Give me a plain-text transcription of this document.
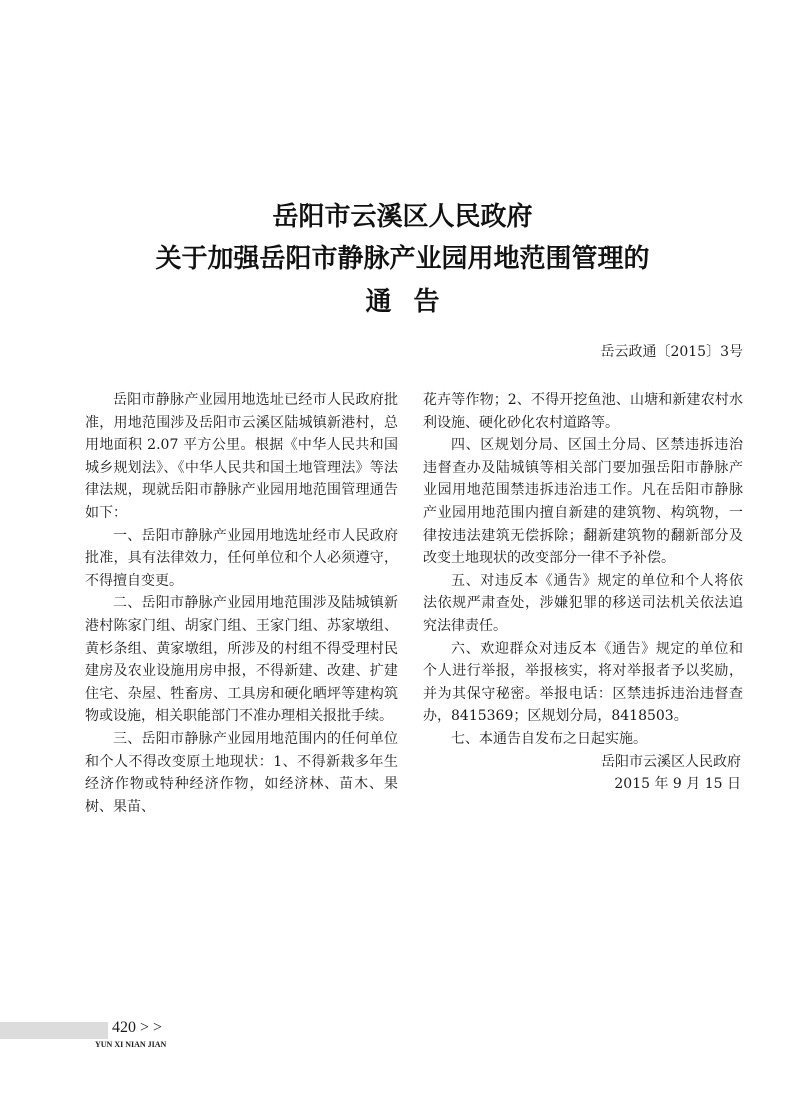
岳阳市云溪区人民政府
关于加强岳阳市静脉产业园用地范围管理的
通告
岳云政通〔2015〕3号

岳阳市静脉产业园用地选址已经市人民政府批准，用地范围涉及岳阳市云溪区陆城镇新港村，总用地面积 2.07 平方公里。根据《中华人民共和国城乡规划法》、《中华人民共和国土地管理法》等法律法规，现就岳阳市静脉产业园用地范围管理通告如下：

一、岳阳市静脉产业园用地选址经市人民政府批准，具有法律效力，任何单位和个人必须遵守，不得擅自变更。

二、岳阳市静脉产业园用地范围涉及陆城镇新港村陈家门组、胡家门组、王家门组、苏家墩组、黄杉条组、黄家墩组，所涉及的村组不得受理村民建房及农业设施用房申报，不得新建、改建、扩建住宅、杂屋、牲畜房、工具房和硬化晒坪等建构筑物或设施，相关职能部门不准办理相关报批手续。

三、岳阳市静脉产业园用地范围内的任何单位和个人不得改变原土地现状：1、不得新栽多年生经济作物或特种经济作物，如经济林、苗木、果树、果苗、

花卉等作物；2、不得开挖鱼池、山塘和新建农村水利设施、硬化砂化农村道路等。

四、区规划分局、区国土分局、区禁违拆违治违督查办及陆城镇等相关部门要加强岳阳市静脉产业园用地范围禁违拆违治违工作。凡在岳阳市静脉产业园用地范围内擅自新建的建筑物、构筑物，一律按违法建筑无偿拆除；翻新建筑物的翻新部分及改变土地现状的改变部分一律不予补偿。

五、对违反本《通告》规定的单位和个人将依法依规严肃查处，涉嫌犯罪的移送司法机关依法追究法律责任。

六、欢迎群众对违反本《通告》规定的单位和个人进行举报，举报核实，将对举报者予以奖励，并为其保守秘密。举报电话：区禁违拆违治违督查办，8415369；区规划分局，8418503。

七、本通告自发布之日起实施。

岳阳市云溪区人民政府

2015 年 9 月 15 日

420 > >
YUN XI NIAN JIAN
